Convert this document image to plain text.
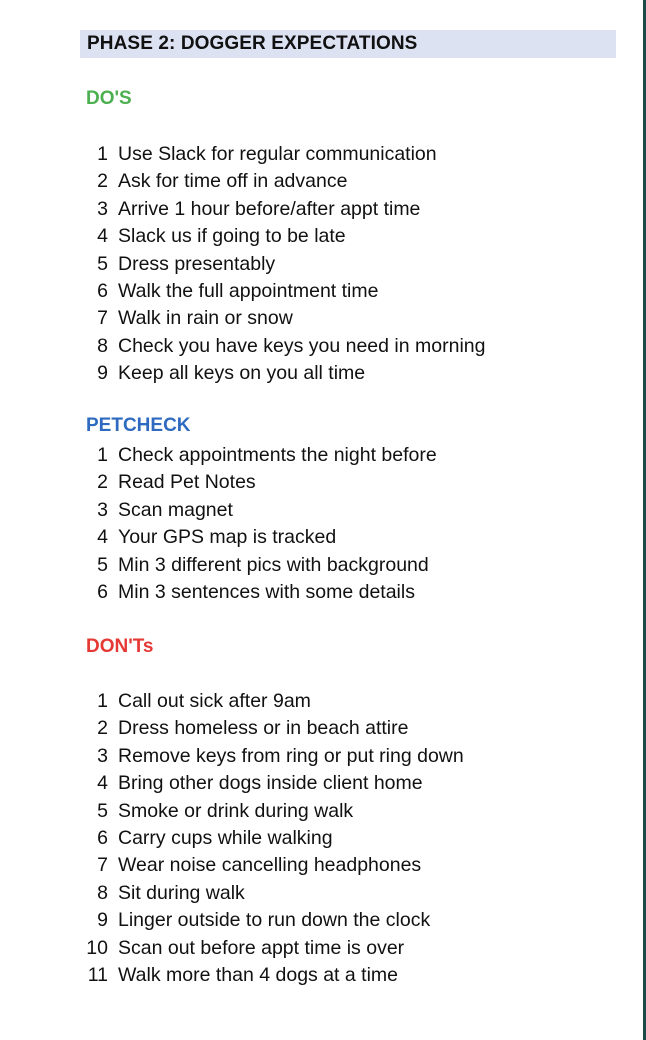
PHASE 2: DOGGER EXPECTATIONS
DO'S
1 Use Slack for regular communication
2 Ask for time off in advance
3 Arrive 1 hour before/after appt time
4 Slack us if going to be late
5 Dress presentably
6 Walk the full appointment time
7 Walk in rain or snow
8 Check you have keys you need in morning
9 Keep all keys on you all time
PETCHECK
1 Check appointments the night before
2 Read Pet Notes
3 Scan magnet
4 Your GPS map is tracked
5 Min 3 different pics with background
6 Min 3 sentences with some details
DON'Ts
1 Call out sick after 9am
2 Dress homeless or in beach attire
3 Remove keys from ring or put ring down
4 Bring other dogs inside client home
5 Smoke or drink during walk
6 Carry cups while walking
7 Wear noise cancelling headphones
8 Sit during walk
9 Linger outside to run down the clock
10 Scan out before appt time is over
11 Walk more than 4 dogs at a time
